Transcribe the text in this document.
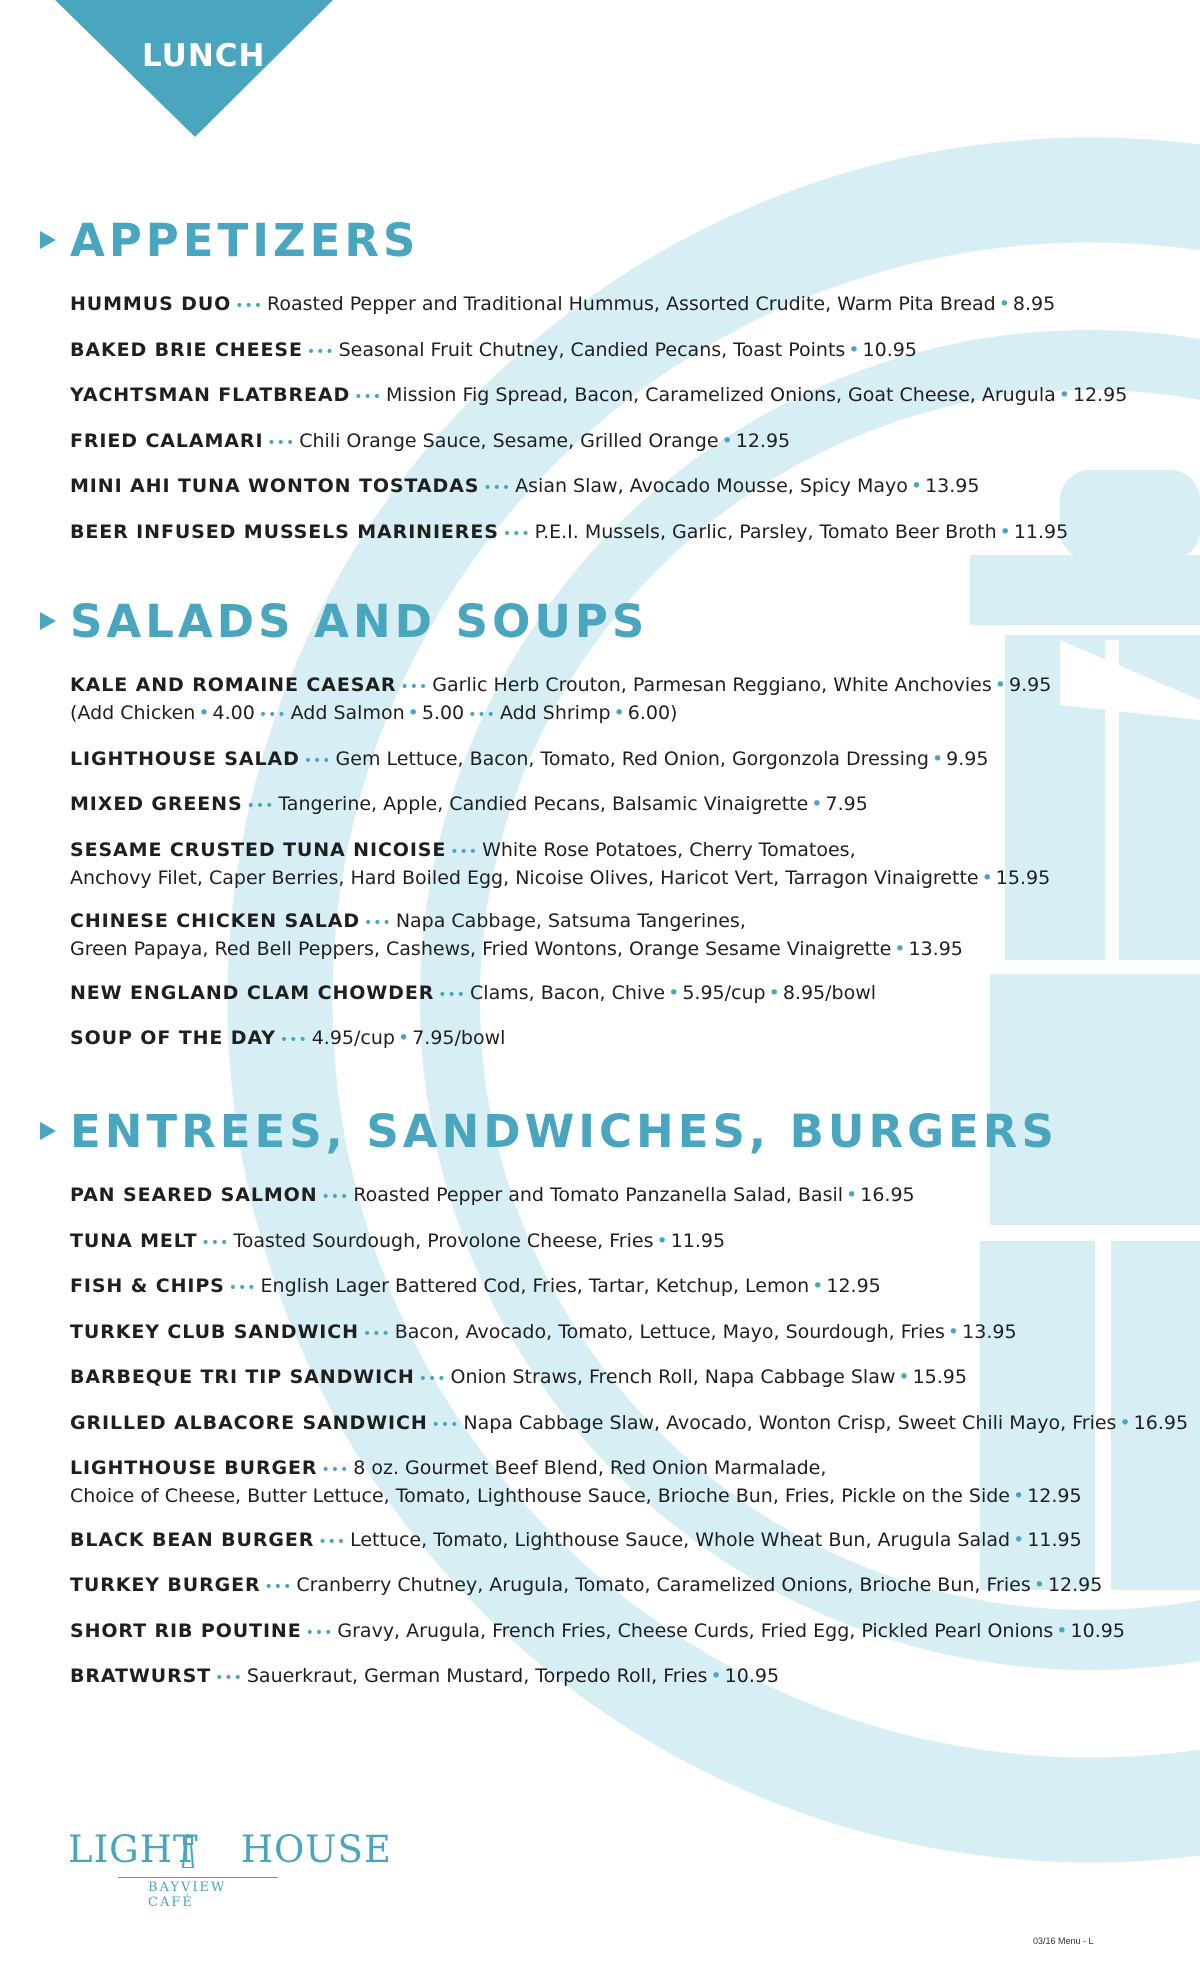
LUNCH
APPETIZERS
HUMMUS DUO ••• Roasted Pepper and Traditional Hummus, Assorted Crudite, Warm Pita Bread • 8.95
BAKED BRIE CHEESE ••• Seasonal Fruit Chutney, Candied Pecans, Toast Points • 10.95
YACHTSMAN FLATBREAD ••• Mission Fig Spread, Bacon, Caramelized Onions, Goat Cheese, Arugula • 12.95
FRIED CALAMARI ••• Chili Orange Sauce, Sesame, Grilled Orange • 12.95
MINI AHI TUNA WONTON TOSTADAS ••• Asian Slaw, Avocado Mousse, Spicy Mayo • 13.95
BEER INFUSED MUSSELS MARINIERES ••• P.E.I. Mussels, Garlic, Parsley, Tomato Beer Broth • 11.95
SALADS AND SOUPS
KALE AND ROMAINE CAESAR ••• Garlic Herb Crouton, Parmesan Reggiano, White Anchovies • 9.95
(Add Chicken • 4.00 ••• Add Salmon • 5.00 ••• Add Shrimp • 6.00)
LIGHTHOUSE SALAD ••• Gem Lettuce, Bacon, Tomato, Red Onion, Gorgonzola Dressing • 9.95
MIXED GREENS ••• Tangerine, Apple, Candied Pecans, Balsamic Vinaigrette • 7.95
SESAME CRUSTED TUNA NICOISE ••• White Rose Potatoes, Cherry Tomatoes,
Anchovy Filet, Caper Berries, Hard Boiled Egg, Nicoise Olives, Haricot Vert, Tarragon Vinaigrette • 15.95
CHINESE CHICKEN SALAD ••• Napa Cabbage, Satsuma Tangerines,
Green Papaya, Red Bell Peppers, Cashews, Fried Wontons, Orange Sesame Vinaigrette • 13.95
NEW ENGLAND CLAM CHOWDER ••• Clams, Bacon, Chive • 5.95/cup • 8.95/bowl
SOUP OF THE DAY ••• 4.95/cup • 7.95/bowl
ENTREES, SANDWICHES, BURGERS
PAN SEARED SALMON ••• Roasted Pepper and Tomato Panzanella Salad, Basil • 16.95
TUNA MELT ••• Toasted Sourdough, Provolone Cheese, Fries • 11.95
FISH & CHIPS ••• English Lager Battered Cod, Fries, Tartar, Ketchup, Lemon • 12.95
TURKEY CLUB SANDWICH ••• Bacon, Avocado, Tomato, Lettuce, Mayo, Sourdough, Fries • 13.95
BARBEQUE TRI TIP SANDWICH ••• Onion Straws, French Roll, Napa Cabbage Slaw • 15.95
GRILLED ALBACORE SANDWICH ••• Napa Cabbage Slaw, Avocado, Wonton Crisp, Sweet Chili Mayo, Fries • 16.95
LIGHTHOUSE BURGER ••• 8 oz. Gourmet Beef Blend, Red Onion Marmalade,
Choice of Cheese, Butter Lettuce, Tomato, Lighthouse Sauce, Brioche Bun, Fries, Pickle on the Side • 12.95
BLACK BEAN BURGER ••• Lettuce, Tomato, Lighthouse Sauce, Whole Wheat Bun, Arugula Salad • 11.95
TURKEY BURGER ••• Cranberry Chutney, Arugula, Tomato, Caramelized Onions, Brioche Bun, Fries • 12.95
SHORT RIB POUTINE ••• Gravy, Arugula, French Fries, Cheese Curds, Fried Egg, Pickled Pearl Onions • 10.95
BRATWURST ••• Sauerkraut, German Mustard, Torpedo Roll, Fries • 10.95
LIGHT HOUSE
BAYVIEW CAFÉ
03/16 Menu - L
